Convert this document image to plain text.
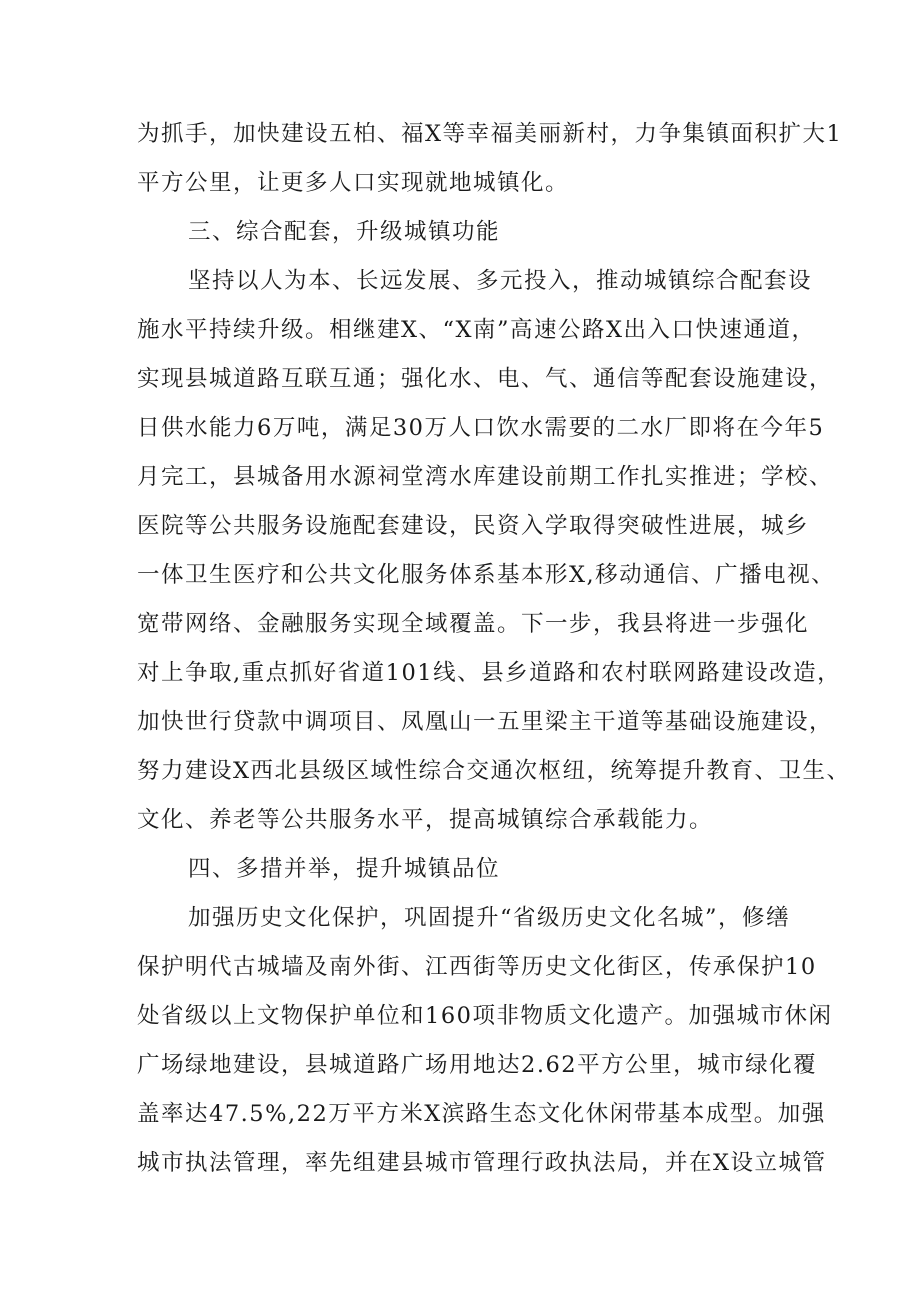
为抓手，加快建设五柏、福X等幸福美丽新村，力争集镇面积扩大1
平方公里，让更多人口实现就地城镇化。
三、综合配套，升级城镇功能
坚持以人为本、长远发展、多元投入，推动城镇综合配套设
施水平持续升级。相继建X、“X南”高速公路X出入口快速通道，
实现县城道路互联互通；强化水、电、气、通信等配套设施建设，
日供水能力6万吨，满足30万人口饮水需要的二水厂即将在今年5
月完工，县城备用水源祠堂湾水库建设前期工作扎实推进；学校、
医院等公共服务设施配套建设，民资入学取得突破性进展，城乡
一体卫生医疗和公共文化服务体系基本形X,移动通信、广播电视、
宽带网络、金融服务实现全域覆盖。下一步，我县将进一步强化
对上争取,重点抓好省道101线、县乡道路和农村联网路建设改造，
加快世行贷款中调项目、凤凰山一五里梁主干道等基础设施建设，
努力建设X西北县级区域性综合交通次枢纽，统筹提升教育、卫生、
文化、养老等公共服务水平，提高城镇综合承载能力。
四、多措并举，提升城镇品位
加强历史文化保护，巩固提升“省级历史文化名城”，修缮
保护明代古城墙及南外街、江西街等历史文化街区，传承保护10
处省级以上文物保护单位和160项非物质文化遗产。加强城市休闲
广场绿地建设，县城道路广场用地达2.62平方公里，城市绿化覆
盖率达47.5%,22万平方米X滨路生态文化休闲带基本成型。加强
城市执法管理，率先组建县城市管理行政执法局，并在X设立城管
